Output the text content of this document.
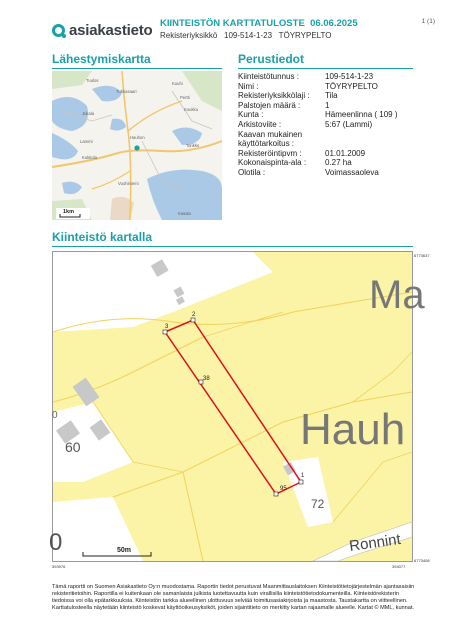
asiakastieto KIINTEISTÖN KARTTATULOSTE 06.06.2025
Rekisteriyksikkö 109-514-1-23 TÖYRYPELTO
1 (1)
Lähestymiskartta	Perustiedot
Tuulos
Tuhkasaari
Kuuhi
Pertti
Koukka
Jukala
Lammi
Hauhon
Kukkola
Torikko
Vuohiniemi
Kasala
1km
Kiinteistötunnus :	109-514-1-23
Nimi :	TÖYRYPELTO
Rekisteriyksikkölaji :	Tila
Palstojen määrä :	1
Kunta :	Hämeenlinna ( 109 )
Arkistoviite :	5:67 (Lammi)
Kaavan mukainen käyttötarkoitus :
Rekisteröintipvm :	01.01.2009
Kokonaispinta-ala :	0.27 ha
Olotila :	Voimassaoleva
Kiinteistö kartalla
6773637
6773408
393976	394077
1
2
3
38
95
Ma
Hauh
Ronnint
60
72
0
0
50m
Tämä raportti on Suomen Asiakastieto Oy:n muodostama. Raportin tiedot perustuvat Maanmittauslaitoksen Kiinteistötietojärjestelmän ajantasaisiin rekisteritietoihin. Raportilla ei kuitenkaan ole samanlaista julkista luotettavuutta kuin virallisilla kiinteistötietodokumenteilla. Kiinteistörekisterin tiedoissa voi olla epätarkkuuksia. Kiinteistön tarkka alueellinen ulottuvuus selviää toimitusasiakirjoista ja maastosta. Taustakartta on viitteellinen. Karttatulosteella näytetään kiinteistö koskevat käyttöoikeusyksiköt, joiden sijaintitieto on merkitty kartan rajaamalle alueelle. Kartat © MML, kunnat.
